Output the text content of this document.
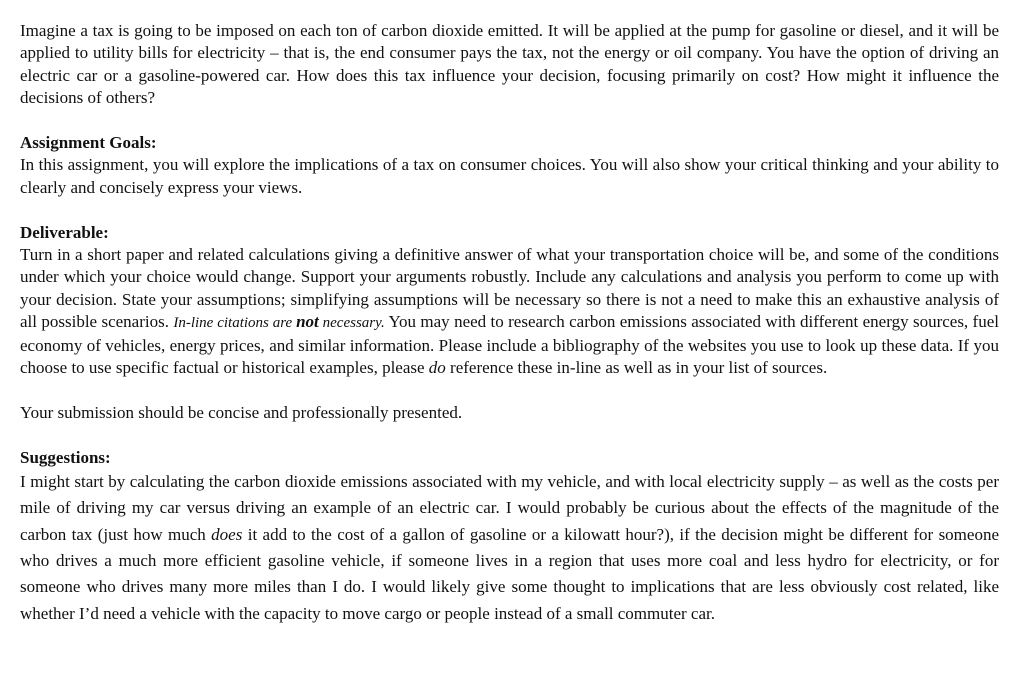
Imagine a tax is going to be imposed on each ton of carbon dioxide emitted. It will be applied at the pump for gasoline or diesel, and it will be applied to utility bills for electricity – that is, the end consumer pays the tax, not the energy or oil company. You have the option of driving an electric car or a gasoline-powered car. How does this tax influence your decision, focusing primarily on cost? How might it influence the decisions of others?

Assignment Goals:

In this assignment, you will explore the implications of a tax on consumer choices. You will also show your critical thinking and your ability to clearly and concisely express your views.

Deliverable:

Turn in a short paper and related calculations giving a definitive answer of what your transportation choice will be, and some of the conditions under which your choice would change. Support your arguments robustly. Include any calculations and analysis you perform to come up with your decision. State your assumptions; simplifying assumptions will be necessary so there is not a need to make this an exhaustive analysis of all possible scenarios. In-line citations are not necessary. You may need to research carbon emissions associated with different energy sources, fuel economy of vehicles, energy prices, and similar information. Please include a bibliography of the websites you use to look up these data. If you choose to use specific factual or historical examples, please do reference these in-line as well as in your list of sources.

Your submission should be concise and professionally presented.

Suggestions:

I might start by calculating the carbon dioxide emissions associated with my vehicle, and with local electricity supply – as well as the costs per mile of driving my car versus driving an example of an electric car. I would probably be curious about the effects of the magnitude of the carbon tax (just how much does it add to the cost of a gallon of gasoline or a kilowatt hour?), if the decision might be different for someone who drives a much more efficient gasoline vehicle, if someone lives in a region that uses more coal and less hydro for electricity, or for someone who drives many more miles than I do. I would likely give some thought to implications that are less obviously cost related, like whether I’d need a vehicle with the capacity to move cargo or people instead of a small commuter car.
